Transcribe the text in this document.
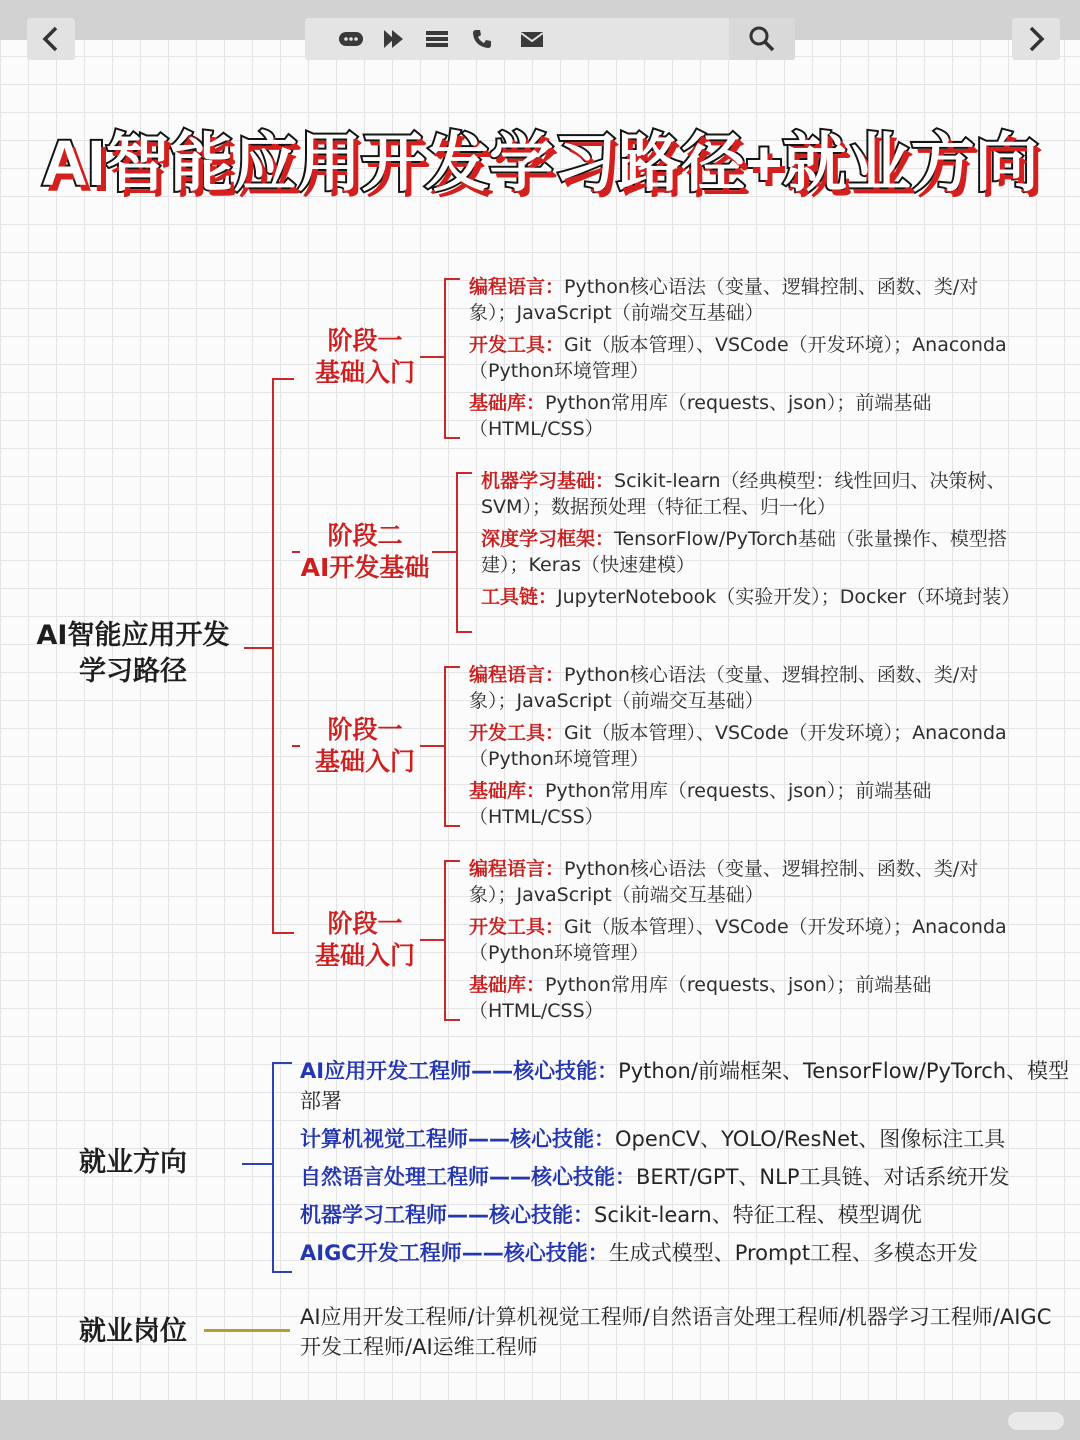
AI智能应用开发学习路径+就业方向
AI智能应用开发
学习路径
阶段一
基础入门
编程语言：Python核心语法（变量、逻辑控制、函数、类/对象）；JavaScript（前端交互基础）
开发工具：Git（版本管理）、VSCode（开发环境）；Anaconda（Python环境管理）
基础库：Python常用库（requests、json）；前端基础（HTML/CSS）
阶段二
AI开发基础
机器学习基础：Scikit-learn（经典模型：线性回归、决策树、SVM）；数据预处理（特征工程、归一化）
深度学习框架：TensorFlow/PyTorch基础（张量操作、模型搭建）；Keras（快速建模）
工具链：JupyterNotebook（实验开发）；Docker（环境封装）
阶段一
基础入门
编程语言：Python核心语法（变量、逻辑控制、函数、类/对象）；JavaScript（前端交互基础）
开发工具：Git（版本管理）、VSCode（开发环境）；Anaconda（Python环境管理）
基础库：Python常用库（requests、json）；前端基础（HTML/CSS）
阶段一
基础入门
编程语言：Python核心语法（变量、逻辑控制、函数、类/对象）；JavaScript（前端交互基础）
开发工具：Git（版本管理）、VSCode（开发环境）；Anaconda（Python环境管理）
基础库：Python常用库（requests、json）；前端基础（HTML/CSS）
就业方向
AI应用开发工程师——核心技能：Python/前端框架、TensorFlow/PyTorch、模型部署
计算机视觉工程师——核心技能：OpenCV、YOLO/ResNet、图像标注工具
自然语言处理工程师——核心技能：BERT/GPT、NLP工具链、对话系统开发
机器学习工程师——核心技能：Scikit-learn、特征工程、模型调优
AIGC开发工程师——核心技能：生成式模型、Prompt工程、多模态开发
就业岗位	AI应用开发工程师/计算机视觉工程师/自然语言处理工程师/机器学习工程师/AIGC开发工程师/AI运维工程师
